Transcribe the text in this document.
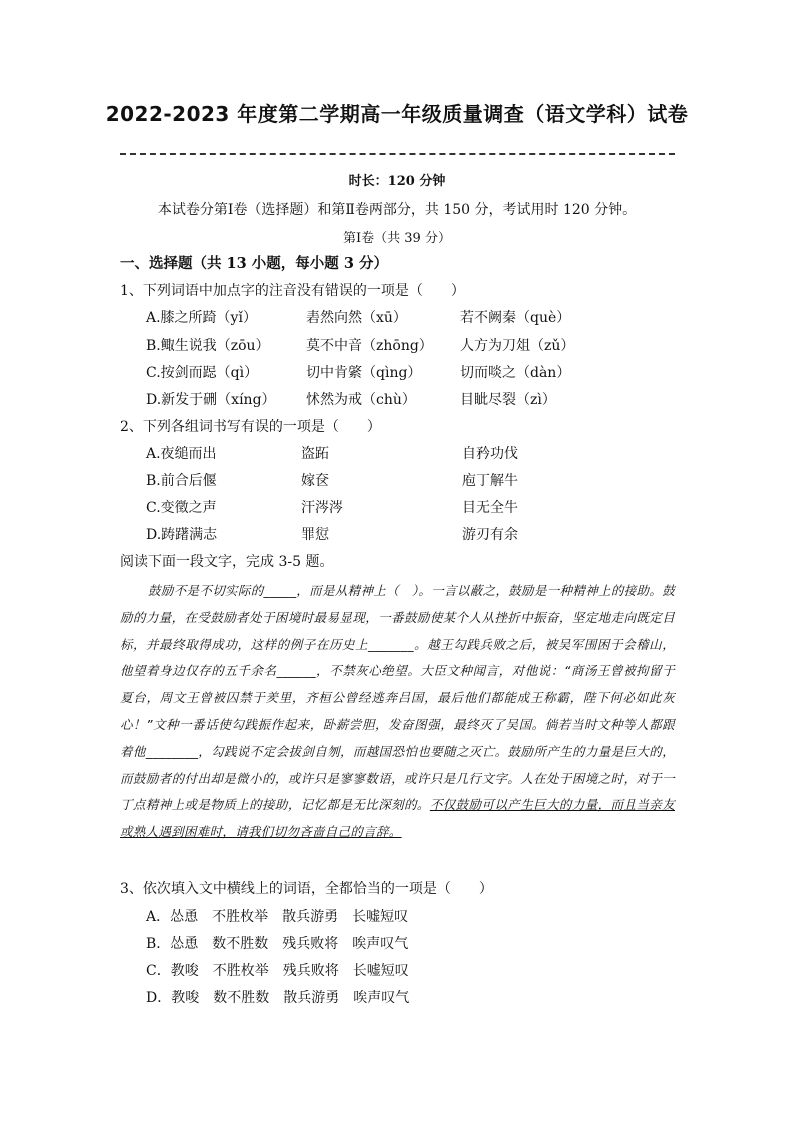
2022-2023 年度第二学期高一年级质量调查（语文学科）试卷
时长：120 分钟
本试卷分第Ⅰ卷（选择题）和第Ⅱ卷两部分，共 150 分，考试用时 120 分钟。
第Ⅰ卷（共 39 分）
一、选择题（共 13 小题，每小题 3 分）
1、下列词语中加点字的注音没有错误的一项是（　　）
A.膝之所踦（yǐ）	砉然向然（xū）	若不阙秦（què）
B.鲰生说我（zōu）	莫不中音（zhōng） 人方为刀俎（zǔ）
C.按剑而跽（qì）	切中肯綮（qìng）	切而啖之（dàn）
D.新发于硎（xíng） 怵然为戒（chù）	目眦尽裂（zì）
2、下列各组词书写有误的一项是（　　）
A.夜缒而出	盗跖	自矜功伐
B.前合后偃	嫁奁	庖丁解牛
C.变徵之声	汗涔涔	目无全牛
D.踌躇满志	罪愆	游刃有余
阅读下面一段文字，完成 3-5 题。
鼓励不是不切实际的_____，而是从精神上（　）。一言以蔽之，鼓励是一种精神上的接助。鼓励的力量，在受鼓励者处于困境时最易显现，一番鼓励使某个人从挫折中振奋，坚定地走向既定目标，并最终取得成功，这样的例子在历史上_______。越王勾践兵败之后，被吴军围困于会稽山，他望着身边仅存的五千余名______，不禁灰心绝望。大臣文种闻言，对他说：“商汤王曾被拘留于夏台，周文王曾被囚禁于羑里，齐桓公曾经逃奔吕国，最后他们都能成王称霸，陛下何必如此灰心！”文种一番话使勾践振作起来，卧薪尝胆，发奋图强，最终灭了吴国。倘若当时文种等人都跟着他________，勾践说不定会拔剑自刎，而越国恐怕也要随之灭亡。鼓励所产生的力量是巨大的，而鼓励者的付出却是微小的，或许只是寥寥数语，或许只是几行文字。人在处于困境之时，对于一丁点精神上或是物质上的接助，记忆都是无比深刻的。不仅鼓励可以产生巨大的力量，而且当亲友或熟人遇到困难时，请我们切勿吝啬自己的言辞。
3、依次填入文中横线上的词语，全都恰当的一项是（　　）
A．怂恿　不胜枚举　散兵游勇　长嘘短叹
B．怂恿　数不胜数　残兵败将　唉声叹气
C．教唆　不胜枚举　残兵败将　长嘘短叹
D．教唆　数不胜数　散兵游勇　唉声叹气
